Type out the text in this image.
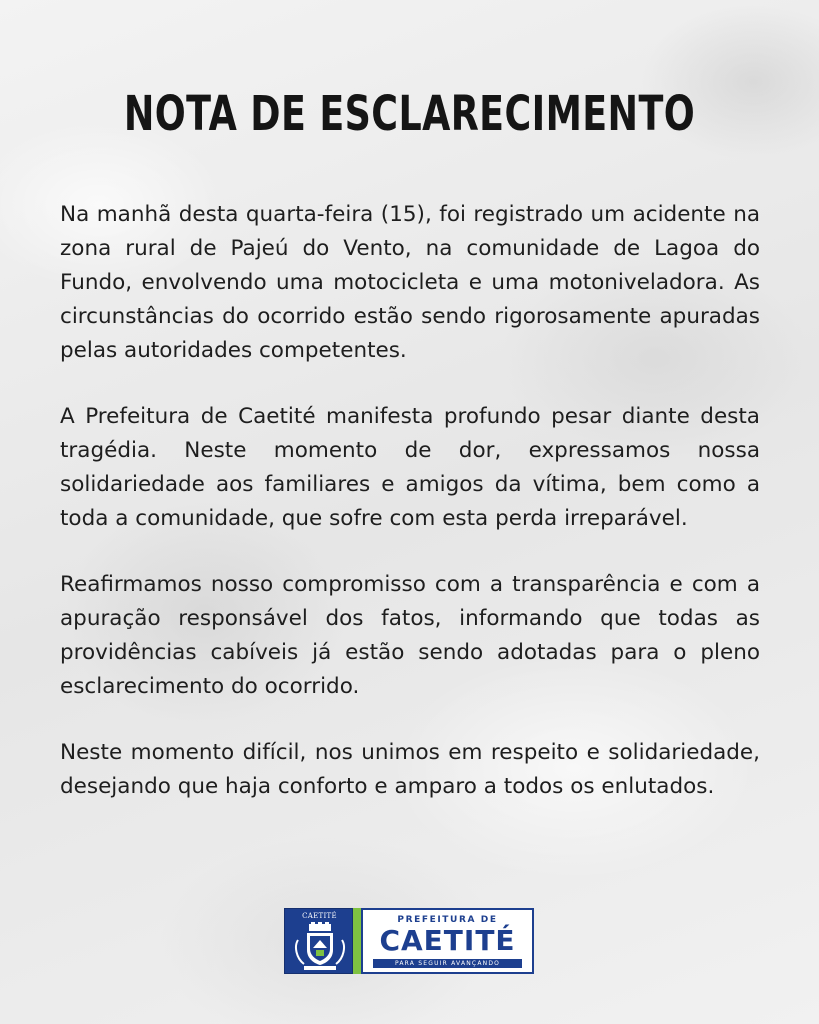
NOTA DE ESCLARECIMENTO

Na manhã desta quarta-feira (15), foi registrado um acidente na zona rural de Pajeú do Vento, na comunidade de Lagoa do Fundo, envolvendo uma motocicleta e uma motoniveladora. As circunstâncias do ocorrido estão sendo rigorosamente apuradas pelas autoridades competentes.

A Prefeitura de Caetité manifesta profundo pesar diante desta tragédia. Neste momento de dor, expressamos nossa solidariedade aos familiares e amigos da vítima, bem como a toda a comunidade, que sofre com esta perda irreparável.

Reafirmamos nosso compromisso com a transparência e com a apuração responsável dos fatos, informando que todas as providências cabíveis já estão sendo adotadas para o pleno esclarecimento do ocorrido.

Neste momento difícil, nos unimos em respeito e solidariedade, desejando que haja conforto e amparo a todos os enlutados.

CAETITÉ	PREFEITURA DE
CAETITÉ
PARA SEGUIR AVANÇANDO
